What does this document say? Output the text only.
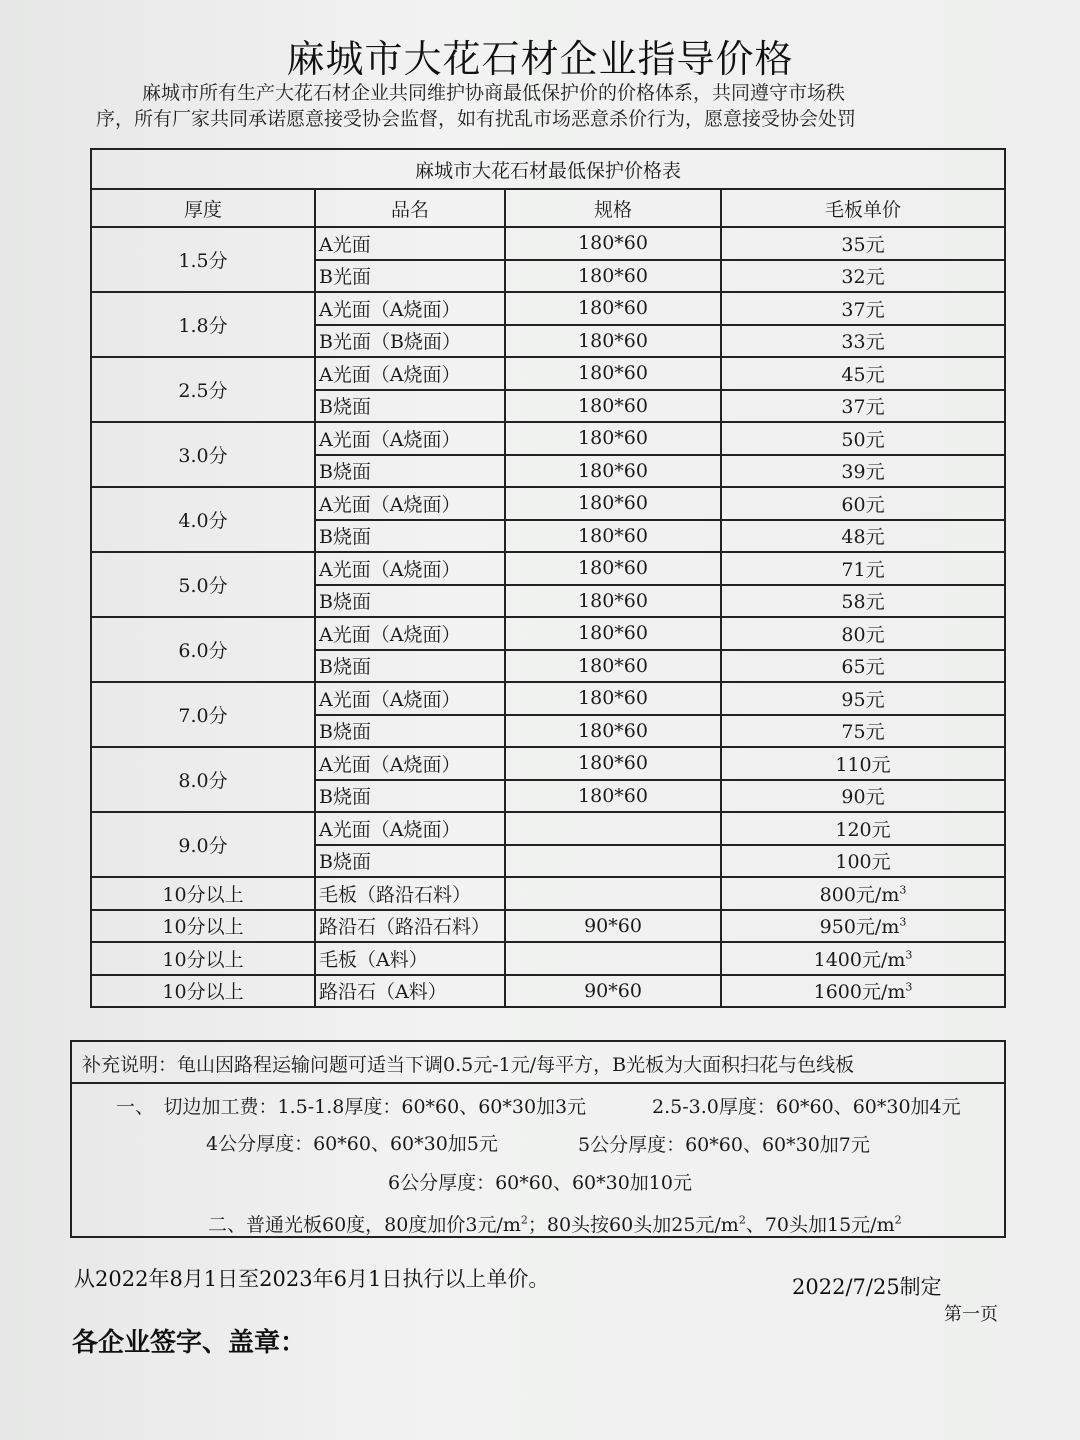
麻城市大花石材企业指导价格
麻城市所有生产大花石材企业共同维护协商最低保护价的价格体系，共同遵守市场秩
序，所有厂家共同承诺愿意接受协会监督，如有扰乱市场恶意杀价行为，愿意接受协会处罚
麻城市大花石材最低保护价格表			
厚度	品名	规格	毛板单价
1.5分	A光面	180*60	35元
	B光面	180*60	32元
1.8分	A光面（A烧面）	180*60	37元
	B光面（B烧面）	180*60	33元
2.5分	A光面（A烧面）	180*60	45元
	B烧面	180*60	37元
3.0分	A光面（A烧面）	180*60	50元
	B烧面	180*60	39元
4.0分	A光面（A烧面）	180*60	60元
	B烧面	180*60	48元
5.0分	A光面（A烧面）	180*60	71元
	B烧面	180*60	58元
6.0分	A光面（A烧面）	180*60	80元
	B烧面	180*60	65元
7.0分	A光面（A烧面）	180*60	95元
	B烧面	180*60	75元
8.0分	A光面（A烧面）	180*60	110元
	B烧面	180*60	90元
9.0分	A光面（A烧面）		120元
	B烧面		100元
10分以上	毛板（路沿石料）		800元$/m^3$
10分以上	路沿石（路沿石料）	90*60	950元$/m^3$
10分以上	毛板（A料）		1400元$/m^3$
10分以上	路沿石（A料）	90*60	1600元$/m^3$
补充说明：龟山因路程运输问题可适当下调0.5元-1元/每平方，B光板为大面积扫花与色线板
一、　切边加工费：1.5-1.8厚度：60*60、60*30加3元	2.5-3.0厚度：60*60、60*30加4元
4公分厚度：60*60、60*30加5元	5公分厚度：60*60、60*30加7元
6公分厚度：60*60、60*30加10元
二、普通光板60度，80度加价3元$/m^2$；80头按60头加25元$/m^2$、70头加15元$/m^2$
从2022年8月1日至2023年6月1日执行以上单价。	2022/7/25制定
第一页
各企业签字、盖章：
